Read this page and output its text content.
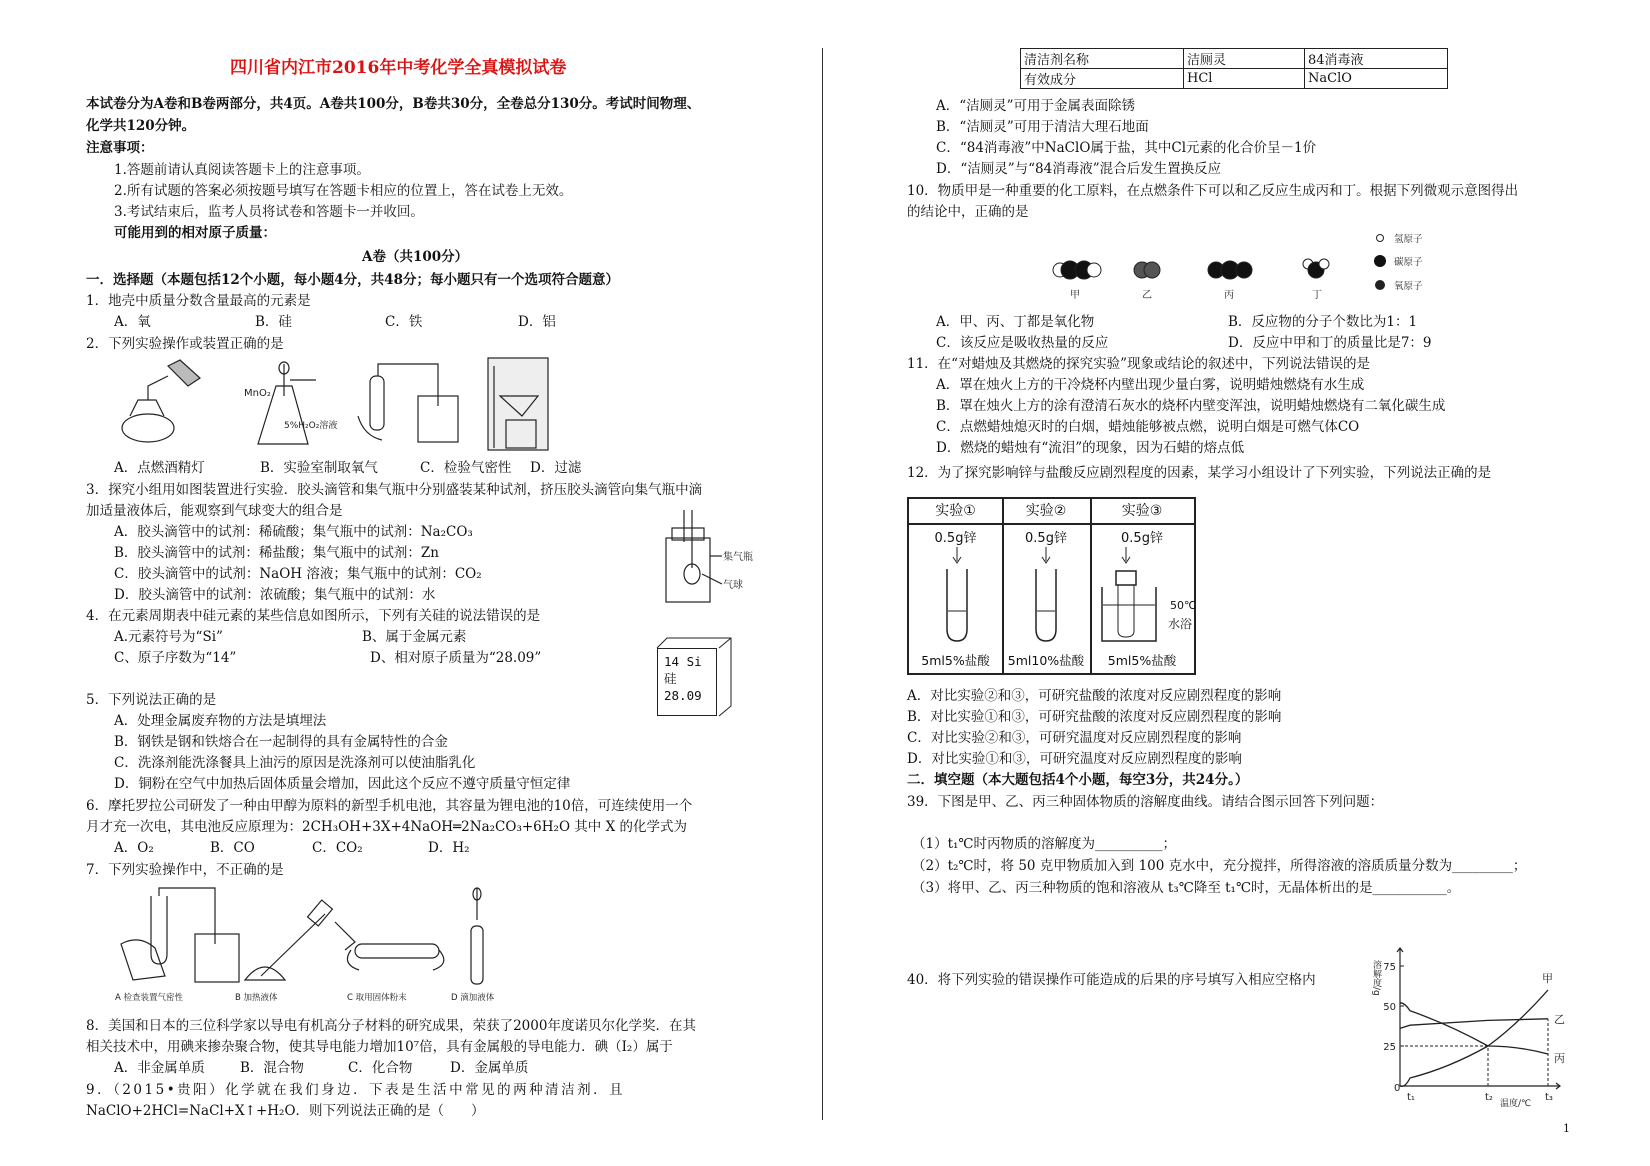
四川省内江市2016年中考化学全真模拟试卷
本试卷分为A卷和B卷两部分，共4页。A卷共100分，B卷共30分，全卷总分130分。考试时间物理、
化学共120分钟。
注意事项：
1.答题前请认真阅读答题卡上的注意事项。
2.所有试题的答案必须按题号填写在答题卡相应的位置上，答在试卷上无效。
3.考试结束后，监考人员将试卷和答题卡一并收回。
可能用到的相对原子质量：
A卷（共100分）
一．选择题（本题包括12个小题，每小题4分，共48分；每小题只有一个选项符合题意）
1．地壳中质量分数含量最高的元素是
A．氧	B．硅	C．铁	D．铝
2．下列实验操作或装置正确的是
MnO₂
5%H₂O₂溶液
A．点燃酒精灯	B．实验室制取氧气	C．检验气密性 D．过滤
3．探究小组用如图装置进行实验．胶头滴管和集气瓶中分别盛装某种试剂，挤压胶头滴管向集气瓶中滴
加适量液体后，能观察到气球变大的组合是
A．胶头滴管中的试剂：稀硫酸；集气瓶中的试剂：Na₂CO₃
B．胶头滴管中的试剂：稀盐酸；集气瓶中的试剂：Zn
C．胶头滴管中的试剂：NaOH 溶液；集气瓶中的试剂：CO₂
D．胶头滴管中的试剂：浓硫酸；集气瓶中的试剂：水
集气瓶
气球
4．在元素周期表中硅元素的某些信息如图所示，下列有关硅的说法错误的是
A.元素符号为“Si”	B、属于金属元素
C、原子序数为“14”	D、相对原子质量为“28.09”	14 Si
硅
28.09
5．下列说法正确的是
A．处理金属废弃物的方法是填埋法
B．钢铁是钢和铁熔合在一起制得的具有金属特性的合金
C．洗涤剂能洗涤餐具上油污的原因是洗涤剂可以使油脂乳化
D．铜粉在空气中加热后固体质量会增加，因此这个反应不遵守质量守恒定律
6．摩托罗拉公司研发了一种由甲醇为原料的新型手机电池，其容量为锂电池的10倍，可连续使用一个
月才充一次电，其电池反应原理为：2CH₃OH+3X+4NaOH═2Na₂CO₃+6H₂O 其中 X 的化学式为
A．O₂	B．CO	C．CO₂	D．H₂
7．下列实验操作中，不正确的是
A 检查装置气密性	B 加热液体	C 取用固体粉末	D 滴加液体
8．美国和日本的三位科学家以导电有机高分子材料的研究成果，荣获了2000年度诺贝尔化学奖．在其
相关技术中，用碘来掺杂聚合物，使其导电能力增加10⁷倍，具有金属般的导电能力．碘（I₂）属于
A．非金属单质	B．混合物	C．化合物	D．金属单质
9．（2015•贵阳）化学就在我们身边．下表是生活中常见的两种清洁剂．且
NaClO+2HCl=NaCl+X↑+H₂O．则下列说法正确的是（　　）
清洁剂名称	洁厕灵	84消毒液
有效成分	HCl	NaClO
A．“洁厕灵”可用于金属表面除锈
B．“洁厕灵”可用于清洁大理石地面
C．“84消毒液”中NaClO属于盐，其中Cl元素的化合价呈－1价
D．“洁厕灵”与“84消毒液”混合后发生置换反应
10．物质甲是一种重要的化工原料，在点燃条件下可以和乙反应生成丙和丁。根据下列微观示意图得出
的结论中，正确的是
甲	乙	丙	丁
氢原子
碳原子
氧原子
A．甲、丙、丁都是氧化物	B．反应物的分子个数比为1：1
C．该反应是吸收热量的反应	D．反应中甲和丁的质量比是7：9
11．在“对蜡烛及其燃烧的探究实验”现象或结论的叙述中，下列说法错误的是
A．罩在烛火上方的干冷烧杯内壁出现少量白雾，说明蜡烛燃烧有水生成
B．罩在烛火上方的涂有澄清石灰水的烧杯内壁变浑浊，说明蜡烛燃烧有二氧化碳生成
C．点燃蜡烛熄灭时的白烟，蜡烛能够被点燃，说明白烟是可燃气体CO
D．燃烧的蜡烛有“流泪”的现象，因为石蜡的熔点低
12．为了探究影响锌与盐酸反应剧烈程度的因素，某学习小组设计了下列实验，下列说法正确的是
实验①
0.5g锌
5ml5%盐酸
实验②
0.5g锌
5ml10%盐酸
实验③
0.5g锌
50℃
水浴
5ml5%盐酸
A．对比实验②和③，可研究盐酸的浓度对反应剧烈程度的影响
B．对比实验①和③，可研究盐酸的浓度对反应剧烈程度的影响
C．对比实验②和③，可研究温度对反应剧烈程度的影响
D．对比实验①和③，可研究温度对反应剧烈程度的影响
二．填空题（本大题包括4个小题，每空3分，共24分。）
39．下图是甲、乙、丙三种固体物质的溶解度曲线。请结合图示回答下列问题：
（1）t₁℃时丙物质的溶解度为__________；
（2）t₂℃时，将 50 克甲物质加入到 100 克水中，充分搅拌，所得溶液的溶质质量分数为_________；
（3）将甲、乙、丙三种物质的饱和溶液从 t₃℃降至 t₁℃时，无晶体析出的是___________。
40．将下列实验的错误操作可能造成的后果的序号填写入相应空格内
25
50
75
0
t₁	t₂	t₃
甲
乙
丙
溶解度/g
温度/℃
1
